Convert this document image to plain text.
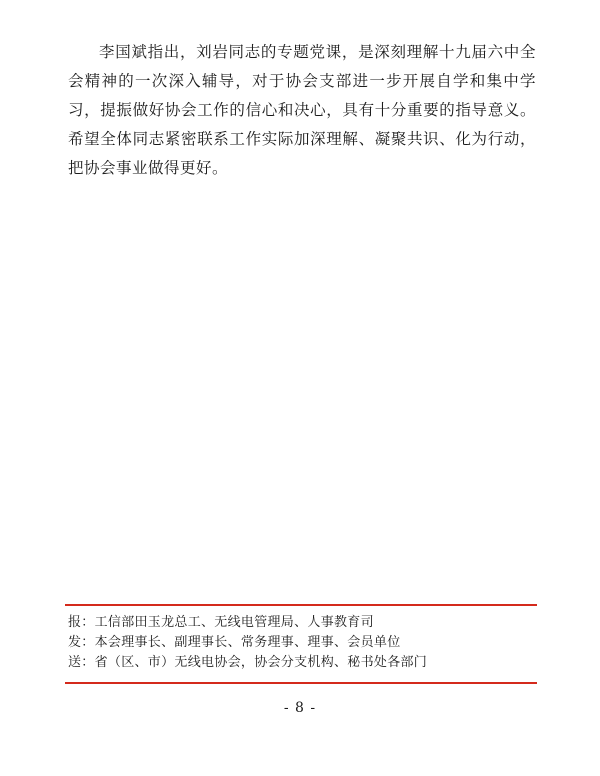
李国斌指出，刘岩同志的专题党课，是深刻理解十九届六中全会精神的一次深入辅导，对于协会支部进一步开展自学和集中学习，提振做好协会工作的信心和决心，具有十分重要的指导意义。希望全体同志紧密联系工作实际加深理解、凝聚共识、化为行动，把协会事业做得更好。

报：工信部田玉龙总工、无线电管理局、人事教育司
发：本会理事长、副理事长、常务理事、理事、会员单位
送：省（区、市）无线电协会，协会分支机构、秘书处各部门
- 8 -
